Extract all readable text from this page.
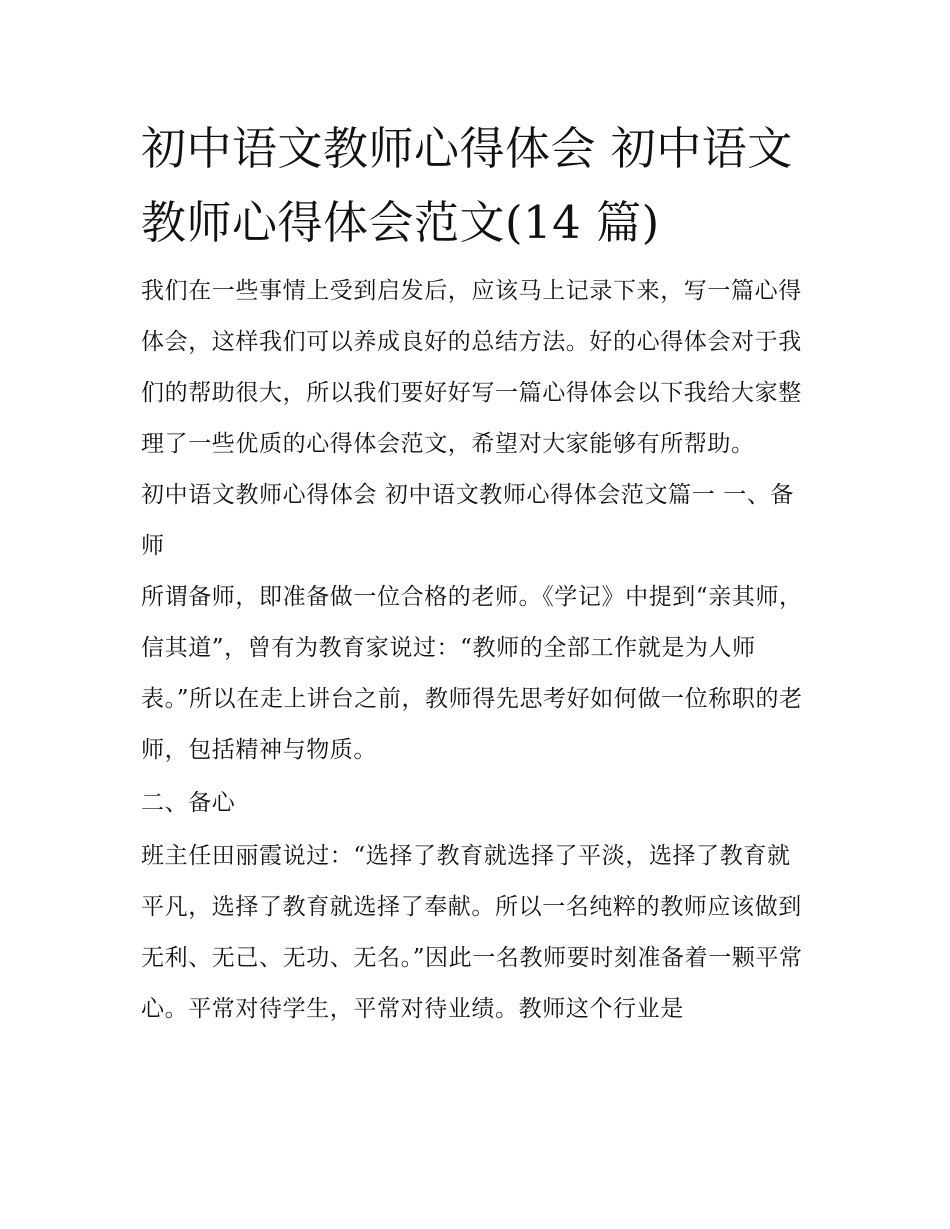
初中语文教师心得体会 初中语文教师心得体会范文(14 篇)

我们在一些事情上受到启发后，应该马上记录下来，写一篇心得体会，这样我们可以养成良好的总结方法。好的心得体会对于我们的帮助很大，所以我们要好好写一篇心得体会以下我给大家整理了一些优质的心得体会范文，希望对大家能够有所帮助。

初中语文教师心得体会 初中语文教师心得体会范文篇一 一、备师

所谓备师，即准备做一位合格的老师。《学记》中提到“亲其师，信其道”，曾有为教育家说过：“教师的全部工作就是为人师表。”所以在走上讲台之前，教师得先思考好如何做一位称职的老师，包括精神与物质。

二、备心

班主任田丽霞说过：“选择了教育就选择了平淡，选择了教育就平凡，选择了教育就选择了奉献。所以一名纯粹的教师应该做到无利、无己、无功、无名。”因此一名教师要时刻准备着一颗平常心。平常对待学生，平常对待业绩。教师这个行业是
